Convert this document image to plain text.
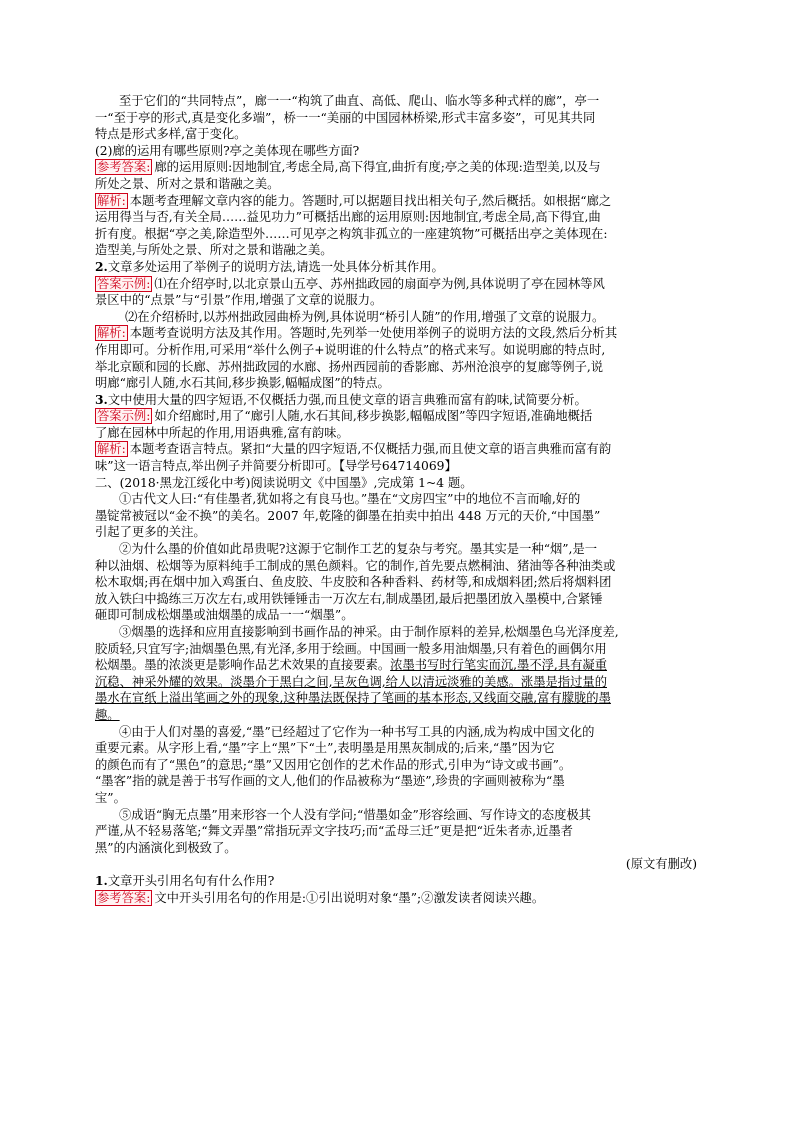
至于它们的“共同特点”，廊一一“构筑了曲直、高低、爬山、临水等多种式样的廊”，亭一
一“至于亭的形式,真是变化多端”，桥一一“美丽的中国园林桥梁,形式丰富多姿”，可见其共同
特点是形式多样,富于变化。
(2)廊的运用有哪些原则?亭之美体现在哪些方面?
参考答案: 廊的运用原则:因地制宜,考虑全局,高下得宜,曲折有度;亭之美的体现:造型美,以及与
所处之景、所对之景和谐融之美。
解析: 本题考查理解文章内容的能力。答题时,可以据题目找出相关句子,然后概括。如根据“廊之
运用得当与否,有关全局……益见功力”可概括出廊的运用原则:因地制宜,考虑全局,高下得宜,曲
折有度。根据“亭之美,除造型外……可见亭之构筑非孤立的一座建筑物”可概括出亭之美体现在:
造型美,与所处之景、所对之景和谐融之美。
2.文章多处运用了举例子的说明方法,请选一处具体分析其作用。
答案示例: ⑴在介绍亭时,以北京景山五亭、苏州拙政园的扇面亭为例,具体说明了亭在园林等风
景区中的“点景”与“引景”作用,增强了文章的说服力。
⑵在介绍桥时,以苏州拙政园曲桥为例,具体说明“桥引人随”的作用,增强了文章的说服力。
解析: 本题考查说明方法及其作用。答题时,先列举一处使用举例子的说明方法的文段,然后分析其
作用即可。分析作用,可采用“举什么例子+说明谁的什么特点”的格式来写。如说明廊的特点时,
举北京颐和园的长廊、苏州拙政园的水廊、扬州西园前的香影廊、苏州沧浪亭的复廊等例子,说
明廊“廊引人随,水石其间,移步换影,幅幅成图”的特点。
3.文中使用大量的四字短语,不仅概括力强,而且使文章的语言典雅而富有韵味,试简要分析。
答案示例: 如介绍廊时,用了“廊引人随,水石其间,移步换影,幅幅成图”等四字短语,准确地概括
了廊在园林中所起的作用,用语典雅,富有韵味。
解析: 本题考查语言特点。紧扣“大量的四字短语,不仅概括力强,而且使文章的语言典雅而富有韵
味”这一语言特点,举出例子并简要分析即可。【导学号64714069】
二、(2018·黑龙江绥化中考)阅读说明文《中国墨》,完成第 1~4 题。
①古代文人曰:“有佳墨者,犹如将之有良马也。”墨在“文房四宝”中的地位不言而喻,好的
墨锭常被冠以“金不换”的美名。2007 年,乾隆的御墨在拍卖中拍出 448 万元的天价,“中国墨”
引起了更多的关注。
②为什么墨的价值如此昂贵呢?这源于它制作工艺的复杂与考究。墨其实是一种“烟”,是一
种以油烟、松烟等为原料纯手工制成的黑色颜料。它的制作,首先要点燃桐油、猪油等各种油类或
松木取烟;再在烟中加入鸡蛋白、鱼皮胶、牛皮胶和各种香料、药材等,和成烟料团;然后将烟料团
放入铁臼中捣练三万次左右,或用铁锤锤击一万次左右,制成墨团,最后把墨团放入墨模中,合紧锤
砸即可制成松烟墨或油烟墨的成品一一“烟墨”。
③烟墨的选择和应用直接影响到书画作品的神采。由于制作原料的差异,松烟墨色乌光泽度差,
胶质轻,只宜写字;油烟墨色黑,有光泽,多用于绘画。中国画一般多用油烟墨,只有着色的画偶尔用
松烟墨。墨的浓淡更是影响作品艺术效果的直接要素。浓墨书写时行笔实而沉,墨不浮,具有凝重
沉稳、神采外耀的效果。淡墨介于黑白之间,呈灰色调,给人以清远淡雅的美感。涨墨是指过量的
墨水在宣纸上溢出笔画之外的现象,这种墨法既保持了笔画的基本形态,又线面交融,富有朦胧的墨
趣。
④由于人们对墨的喜爱,“墨”已经超过了它作为一种书写工具的内涵,成为构成中国文化的
重要元素。从字形上看,“墨”字上“黑”下“土”,表明墨是用黑灰制成的;后来,“墨”因为它
的颜色而有了“黑色”的意思;“墨”又因用它创作的艺术作品的形式,引申为“诗文或书画”。
“墨客”指的就是善于书写作画的文人,他们的作品被称为“墨迹”,珍贵的字画则被称为“墨
宝”。
⑤成语“胸无点墨”用来形容一个人没有学问;“惜墨如金”形容绘画、写作诗文的态度极其
严谨,从不轻易落笔;“舞文弄墨”常指玩弄文字技巧;而“孟母三迁”更是把“近朱者赤,近墨者
黑”的内涵演化到极致了。
(原文有删改)
1.文章开头引用名句有什么作用?
参考答案: 文中开头引用名句的作用是:①引出说明对象“墨”;②激发读者阅读兴趣。
